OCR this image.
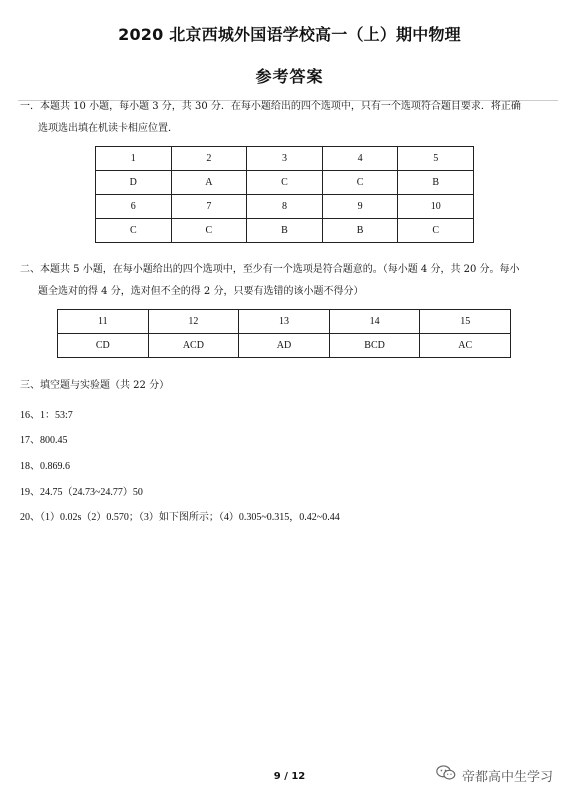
2020 北京西城外国语学校高一（上）期中物理
参考答案
一．本题共 10 小题，每小题 3 分，共 30 分．在每小题给出的四个选项中，只有一个选项符合题目要求．将正确
选项选出填在机读卡相应位置．
1	2	3	4	5
D	A	C	C	B
6	7	8	9	10
C	C	B	B	C
二、本题共 5 小题，在每小题给出的四个选项中，至少有一个选项是符合题意的。（每小题 4 分，共 20 分。每小
题全选对的得 4 分，选对但不全的得 2 分，只要有选错的该小题不得分）
11	12	13	14	15
CD	ACD	AD	BCD	AC
三、填空题与实验题（共 22 分）
16、1：53:7
17、800.45
18、0.869.6
19、24.75（24.73~24.77）50
20、（1）0.02s（2）0.570；（3）如下图所示；（4）0.305~0.315，0.42~0.44
9 / 12	帝都高中生学习
